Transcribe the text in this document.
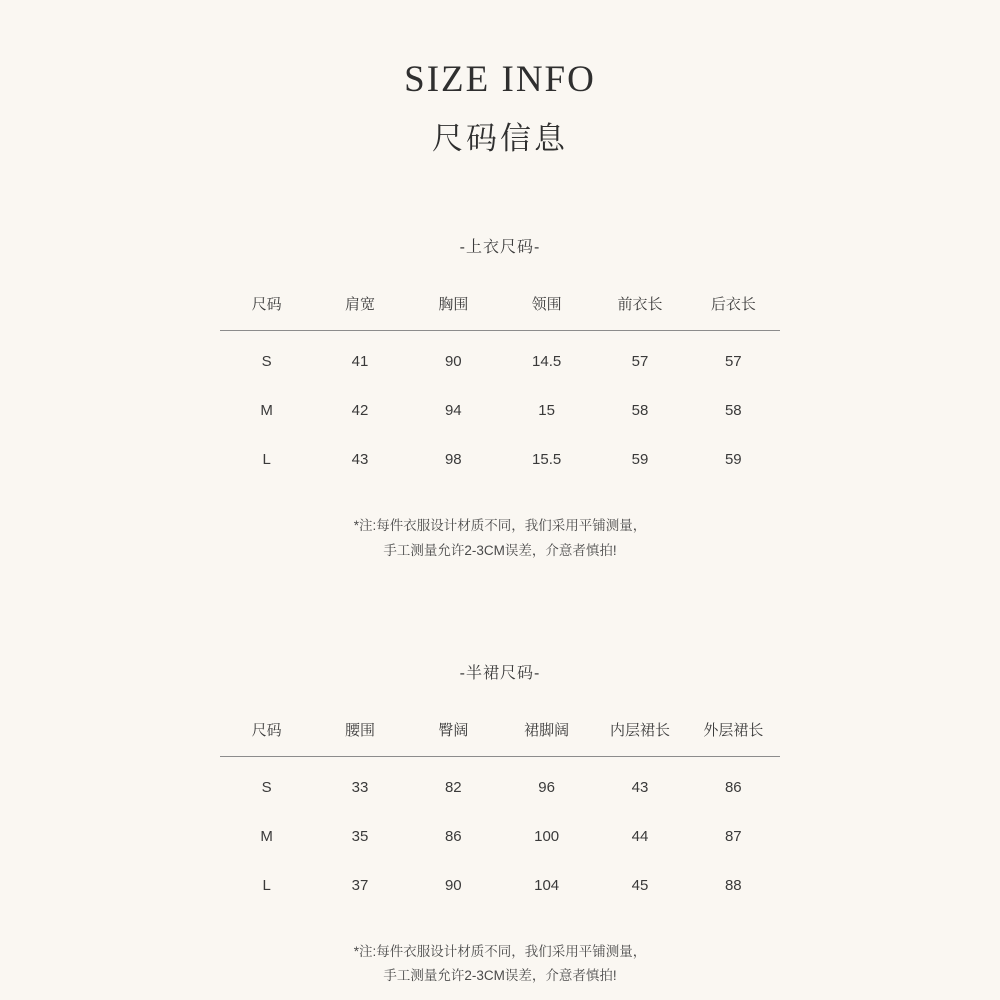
SIZE INFO
尺码信息
-上衣尺码-
尺码	肩宽	胸围	领围	前衣长	后衣长
S	41	90	14.5	57	57
M	42	94	15	58	58
L	43	98	15.5	59	59
*注:每件衣服设计材质不同，我们采用平铺测量，
手工测量允许2-3CM误差，介意者慎拍!
-半裙尺码-
尺码	腰围	臀阔	裙脚阔	内层裙长	外层裙长
S	33	82	96	43	86
M	35	86	100	44	87
L	37	90	104	45	88
*注:每件衣服设计材质不同，我们采用平铺测量，
手工测量允许2-3CM误差，介意者慎拍!
